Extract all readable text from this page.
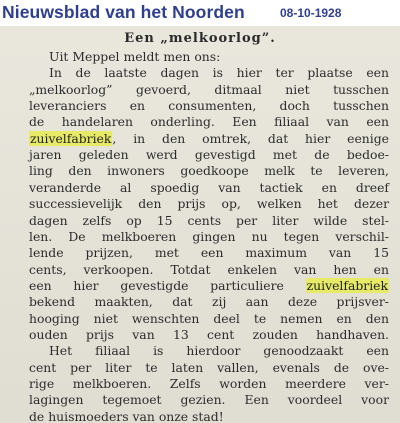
Nieuwsblad van het Noorden	08-10-1928
Een „melkoorlog”.
Uit Meppel meldt men ons:
In de laatste dagen is hier ter plaatse een
„melkoorlog” gevoerd, ditmaal niet tusschen
leveranciers en consumenten, doch tusschen
de handelaren onderling. Een filiaal van een
zuivelfabriek, in den omtrek, dat hier eenige
jaren geleden werd gevestigd met de bedoe-
ling den inwoners goedkoope melk te leveren,
veranderde al spoedig van tactiek en dreef
successievelijk den prijs op, welken het dezer
dagen zelfs op 15 cents per liter wilde stel-
len. De melkboeren gingen nu tegen verschil-
lende prijzen, met een maximum van 15
cents, verkoopen. Totdat enkelen van hen en
een hier gevestigde particuliere zuivelfabriek
bekend maakten, dat zij aan deze prijsver-
hooging niet wenschten deel te nemen en den
ouden prijs van 13 cent zouden handhaven.
Het filiaal is hierdoor genoodzaakt een
cent per liter te laten vallen, evenals de ove-
rige melkboeren. Zelfs worden meerdere ver-
lagingen tegemoet gezien. Een voordeel voor
de huismoeders van onze stad!
